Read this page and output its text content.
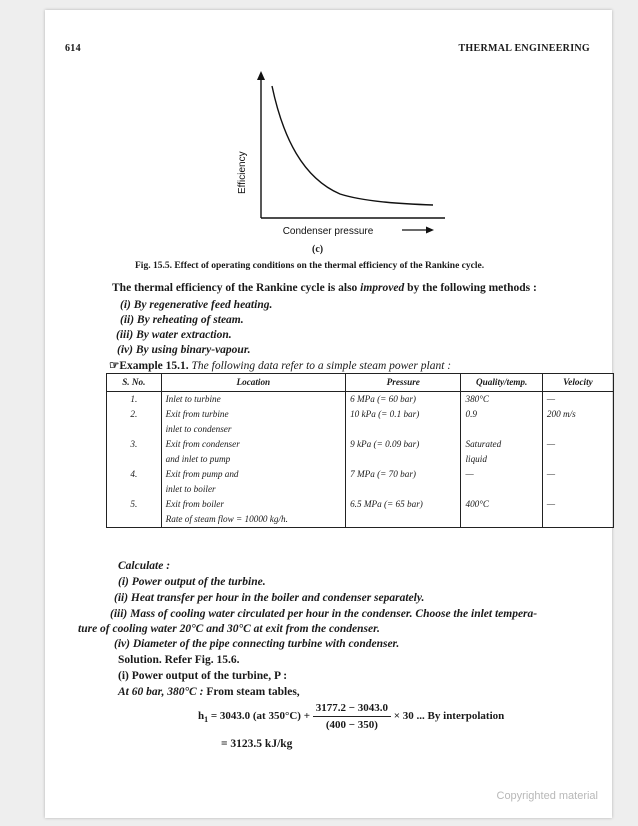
614	THERMAL ENGINEERING
Efficiency
Condenser pressure
(c)
Fig. 15.5. Effect of operating conditions on the thermal efficiency of the Rankine cycle.
The thermal efficiency of the Rankine cycle is also improved by the following methods :
(i) By regenerative feed heating.
(ii) By reheating of steam.
(iii) By water extraction.
(iv) By using binary-vapour.
☞Example 15.1. The following data refer to a simple steam power plant :
S. No.	Location	Pressure	Quality/temp.	Velocity
1.	Inlet to turbine	6 MPa (= 60 bar)	380°C	—
2.	Exit from turbine	10 kPa (= 0.1 bar)	0.9	200 m/s
	inlet to condenser			
3.	Exit from condenser	9 kPa (= 0.09 bar)	Saturated	—
	and inlet to pump		liquid	
4.	Exit from pump and	7 MPa (= 70 bar)	—	—
	inlet to boiler			
5.	Exit from boiler	6.5 MPa (= 65 bar)	400°C	—
	Rate of steam flow = 10000 kg/h.			
Calculate :
(i) Power output of the turbine.
(ii) Heat transfer per hour in the boiler and condenser separately.
(iii) Mass of cooling water circulated per hour in the condenser. Choose the inlet tempera-
ture of cooling water 20°C and 30°C at exit from the condenser.
(iv) Diameter of the pipe connecting turbine with condenser.
Solution. Refer Fig. 15.6.
(i) Power output of the turbine, P :
At 60 bar, 380°C : From steam tables,
$h_1 = 3043.0$ (at $350^\circ C) + \frac{3177.2 - 3043.0}{(400 - 350)} \times 30$ ... By interpolation
= 3123.5 kJ/kg
Copyrighted material
